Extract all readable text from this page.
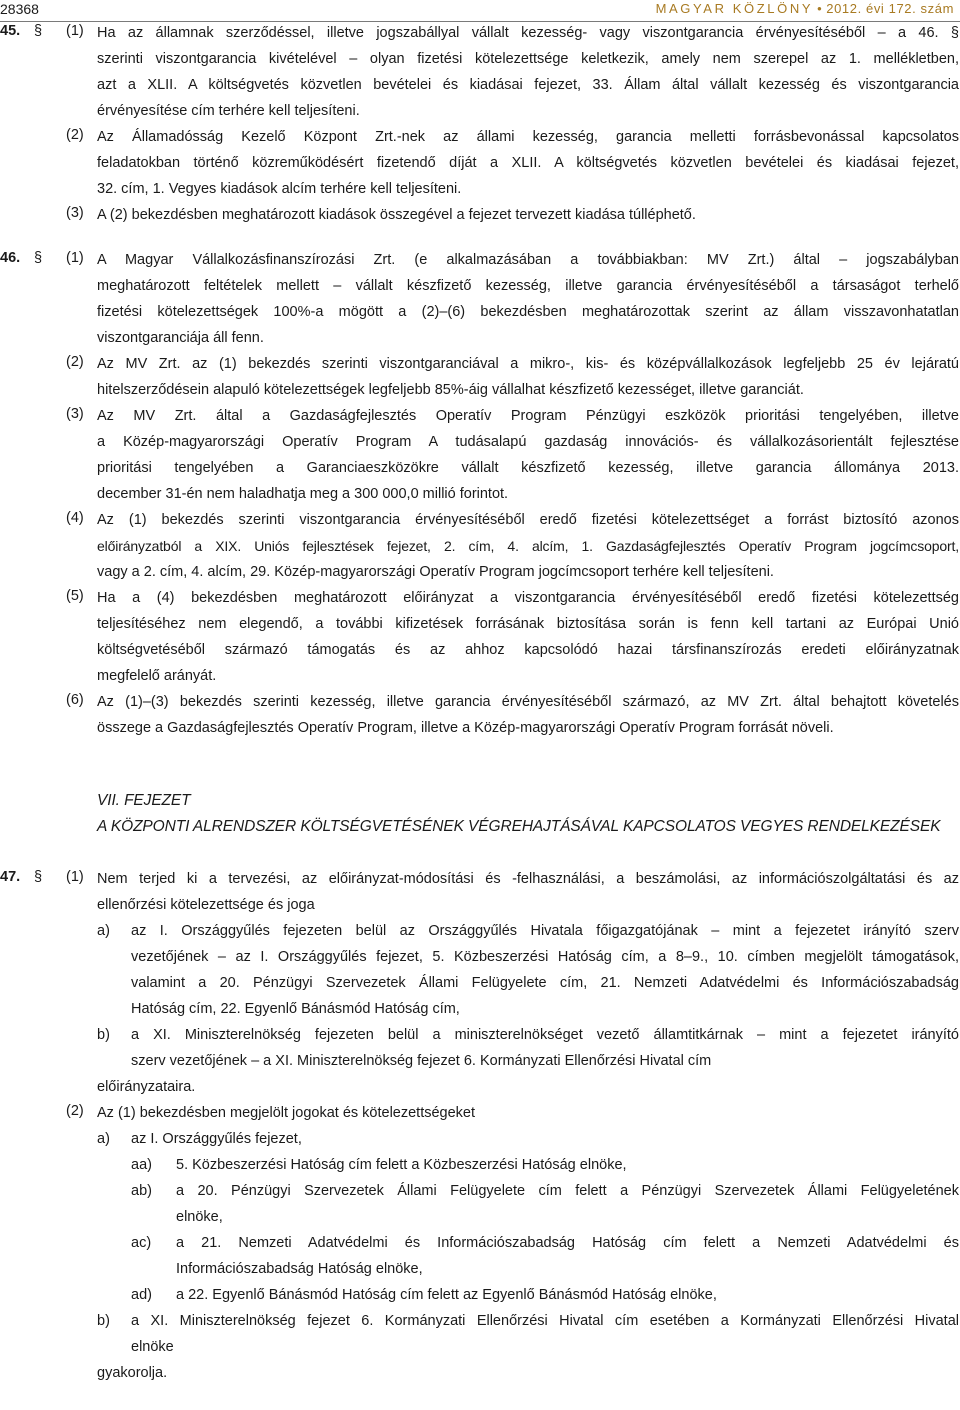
28368	MAGYAR KÖZLÖNY • 2012. évi 172. szám
45. § (1) Ha az államnak szerződéssel, illetve jogszabállyal vállalt kezesség- vagy viszontgarancia érvényesítéséből – a 46. §
szerinti viszontgarancia kivételével – olyan fizetési kötelezettsége keletkezik, amely nem szerepel az 1. mellékletben,
azt a XLII. A költségvetés közvetlen bevételei és kiadásai fejezet, 33. Állam által vállalt kezesség és viszontgarancia
érvényesítése cím terhére kell teljesíteni.
(2) Az Államadósság Kezelő Központ Zrt.-nek az állami kezesség, garancia melletti forrásbevonással kapcsolatos
feladatokban történő közreműködésért fizetendő díját a XLII. A költségvetés közvetlen bevételei és kiadásai fejezet,
32. cím, 1. Vegyes kiadások alcím terhére kell teljesíteni.
(3) A (2) bekezdésben meghatározott kiadások összegével a fejezet tervezett kiadása túlléphető.
46. § (1) A Magyar Vállalkozásfinanszírozási Zrt. (e alkalmazásában a továbbiakban: MV Zrt.) által – jogszabályban
meghatározott feltételek mellett – vállalt készfizető kezesség, illetve garancia érvényesítéséből a társaságot terhelő
fizetési kötelezettségek 100%-a mögött a (2)–(6) bekezdésben meghatározottak szerint az állam visszavonhatatlan
viszontgaranciája áll fenn.
(2) Az MV Zrt. az (1) bekezdés szerinti viszontgaranciával a mikro-, kis- és középvállalkozások legfeljebb 25 év lejáratú
hitelszerződésein alapuló kötelezettségek legfeljebb 85%-áig vállalhat készfizető kezességet, illetve garanciát.
(3) Az MV Zrt. által a Gazdaságfejlesztés Operatív Program Pénzügyi eszközök prioritási tengelyében, illetve
a Közép-magyarországi Operatív Program A tudásalapú gazdaság innovációs- és vállalkozásorientált fejlesztése
prioritási tengelyében a Garanciaeszközökre vállalt készfizető kezesség, illetve garancia állománya 2013.
december 31-én nem haladhatja meg a 300 000,0 millió forintot.
(4) Az (1) bekezdés szerinti viszontgarancia érvényesítéséből eredő fizetési kötelezettséget a forrást biztosító azonos
előirányzatból a XIX. Uniós fejlesztések fejezet, 2. cím, 4. alcím, 1. Gazdaságfejlesztés Operatív Program jogcímcsoport,
vagy a 2. cím, 4. alcím, 29. Közép-magyarországi Operatív Program jogcímcsoport terhére kell teljesíteni.
(5) Ha a (4) bekezdésben meghatározott előirányzat a viszontgarancia érvényesítéséből eredő fizetési kötelezettség
teljesítéséhez nem elegendő, a további kifizetések forrásának biztosítása során is fenn kell tartani az Európai Unió
költségvetéséből származó támogatás és az ahhoz kapcsolódó hazai társfinanszírozás eredeti előirányzatnak
megfelelő arányát.
(6) Az (1)–(3) bekezdés szerinti kezesség, illetve garancia érvényesítéséből származó, az MV Zrt. által behajtott követelés
összege a Gazdaságfejlesztés Operatív Program, illetve a Közép-magyarországi Operatív Program forrását növeli.
VII. FEJEZET
A KÖZPONTI ALRENDSZER KÖLTSÉGVETÉSÉNEK VÉGREHAJTÁSÁVAL KAPCSOLATOS VEGYES RENDELKEZÉSEK
47. § (1) Nem terjed ki a tervezési, az előirányzat-módosítási és -felhasználási, a beszámolási, az információszolgáltatási és az
ellenőrzési kötelezettsége és joga
a)	az I. Országgyűlés fejezeten belül az Országgyűlés Hivatala főigazgatójának – mint a fejezetet irányító szerv
vezetőjének – az I. Országgyűlés fejezet, 5. Közbeszerzési Hatóság cím, a 8–9., 10. címben megjelölt támogatások,
valamint a 20. Pénzügyi Szervezetek Állami Felügyelete cím, 21. Nemzeti Adatvédelmi és Információszabadság
Hatóság cím, 22. Egyenlő Bánásmód Hatóság cím,
b)	a XI. Miniszterelnökség fejezeten belül a miniszterelnökséget vezető államtitkárnak – mint a fejezetet irányító
szerv vezetőjének – a XI. Miniszterelnökség fejezet 6. Kormányzati Ellenőrzési Hivatal cím
előirányzataira.
(2) Az (1) bekezdésben megjelölt jogokat és kötelezettségeket
a)	az I. Országgyűlés fejezet,
aa)	5. Közbeszerzési Hatóság cím felett a Közbeszerzési Hatóság elnöke,
ab)	a 20. Pénzügyi Szervezetek Állami Felügyelete cím felett a Pénzügyi Szervezetek Állami Felügyeletének
elnöke,
ac)	a 21. Nemzeti Adatvédelmi és Információszabadság Hatóság cím felett a Nemzeti Adatvédelmi és
Információszabadság Hatóság elnöke,
ad)	a 22. Egyenlő Bánásmód Hatóság cím felett az Egyenlő Bánásmód Hatóság elnöke,
b)	a XI. Miniszterelnökség fejezet 6. Kormányzati Ellenőrzési Hivatal cím esetében a Kormányzati Ellenőrzési Hivatal
elnöke
gyakorolja.
